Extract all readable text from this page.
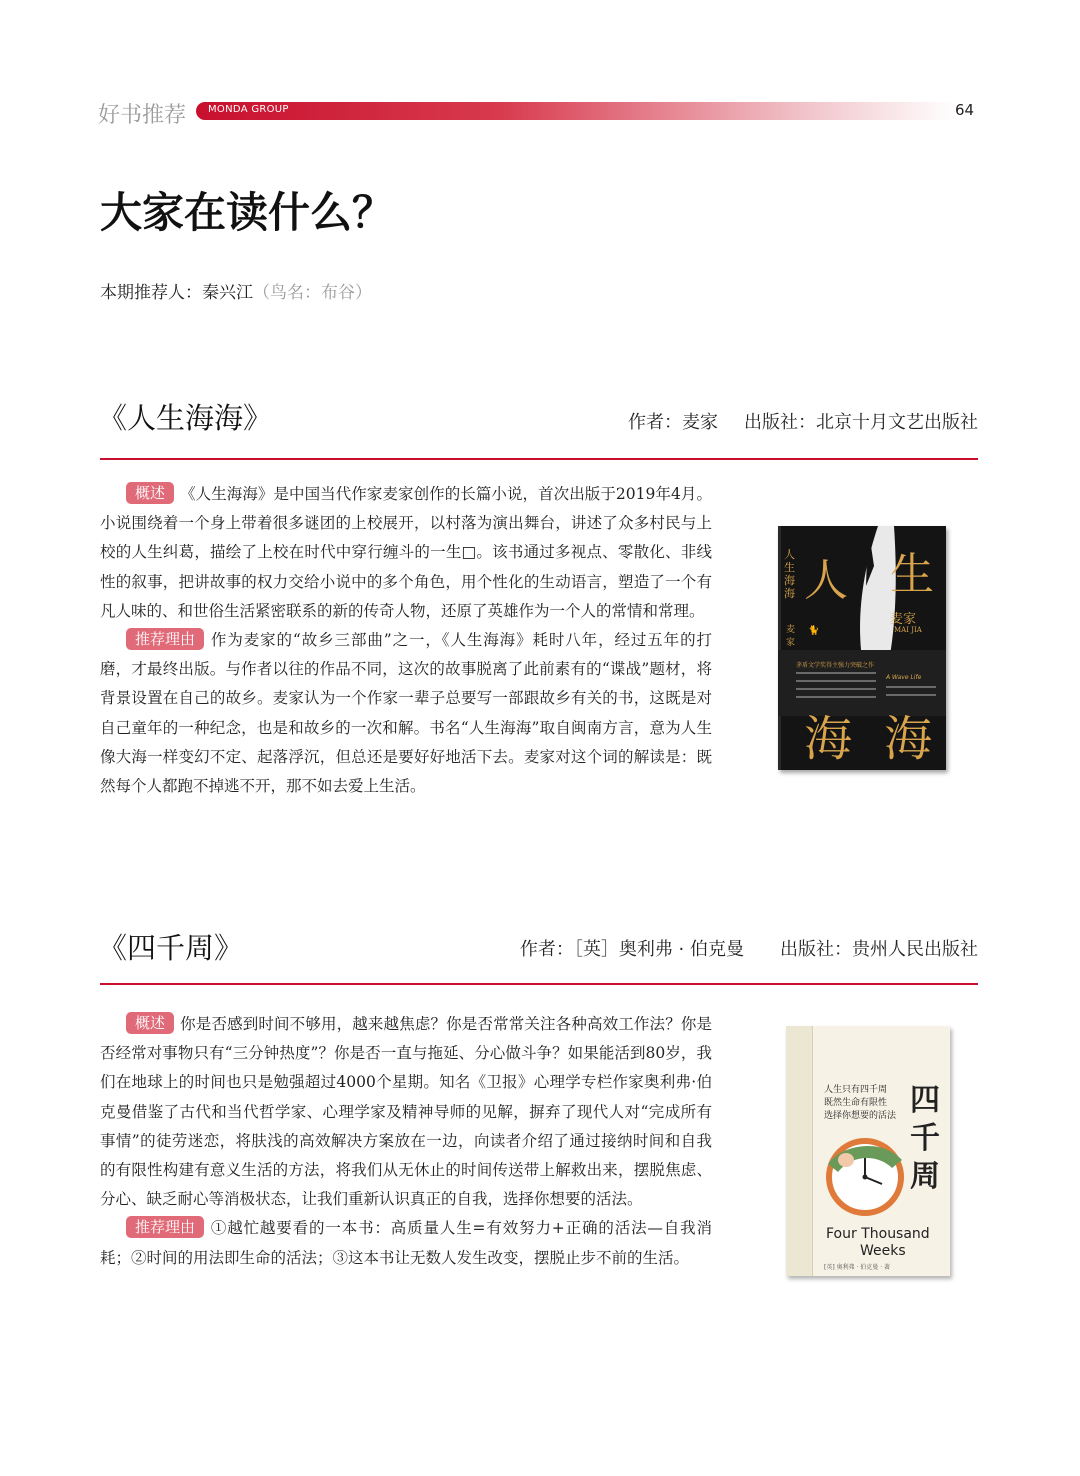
好书推荐 MONDA GROUP	64
大家在读什么？
本期推荐人：秦兴江（鸟名：布谷）
《人生海海》	作者：麦家 出版社：北京十月文艺出版社

概述 《人生海海》是中国当代作家麦家创作的长篇小说，首次出版于2019年4月。小说围绕着一个身上带着很多谜团的上校展开，以村落为演出舞台，讲述了众多村民与上校的人生纠葛，描绘了上校在时代中穿行缠斗的一生□。该书通过多视点、零散化、非线性的叙事，把讲故事的权力交给小说中的多个角色，用个性化的生动语言，塑造了一个有凡人味的、和世俗生活紧密联系的新的传奇人物，还原了英雄作为一个人的常情和常理。

推荐理由 作为麦家的“故乡三部曲”之一，《人生海海》耗时八年，经过五年的打磨，才最终出版。与作者以往的作品不同，这次的故事脱离了此前素有的“谍战”题材，将背景设置在自己的故乡。麦家认为一个作家一辈子总要写一部跟故乡有关的书，这既是对自己童年的一种纪念，也是和故乡的一次和解。书名“人生海海”取自闽南方言，意为人生像大海一样变幻不定、起落浮沉，但总还是要好好地活下去。麦家对这个词的解读是：既然每个人都跑不掉逃不开，那不如去爱上生活。

人生海海 人 生
麦家
MAI JIA
🐈
茅盾文学奖得主强力突破之作
A Wave Life
海 海
麦家
《四千周》	作者：［英］奥利弗 · 伯克曼 出版社：贵州人民出版社

概述 你是否感到时间不够用，越来越焦虑？你是否常常关注各种高效工作法？你是否经常对事物只有“三分钟热度”？你是否一直与拖延、分心做斗争？如果能活到80岁，我们在地球上的时间也只是勉强超过4000个星期。知名《卫报》心理学专栏作家奥利弗·伯克曼借鉴了古代和当代哲学家、心理学家及精神导师的见解，摒弃了现代人对“完成所有事情”的徒劳迷恋，将肤浅的高效解决方案放在一边，向读者介绍了通过接纳时间和自我的有限性构建有意义生活的方法，将我们从无休止的时间传送带上解救出来，摆脱焦虑、分心、缺乏耐心等消极状态，让我们重新认识真正的自我，选择你想要的活法。

推荐理由 ①越忙越要看的一本书：高质量人生=有效努力+正确的活法—自我消耗；②时间的用法即生命的活法；③这本书让无数人发生改变，摆脱止步不前的生活。

人生只有四千周
既然生命有限性
选择你想要的活法 四千周
Four Thousand
Weeks
[英] 奥利弗 · 伯克曼 · 著
